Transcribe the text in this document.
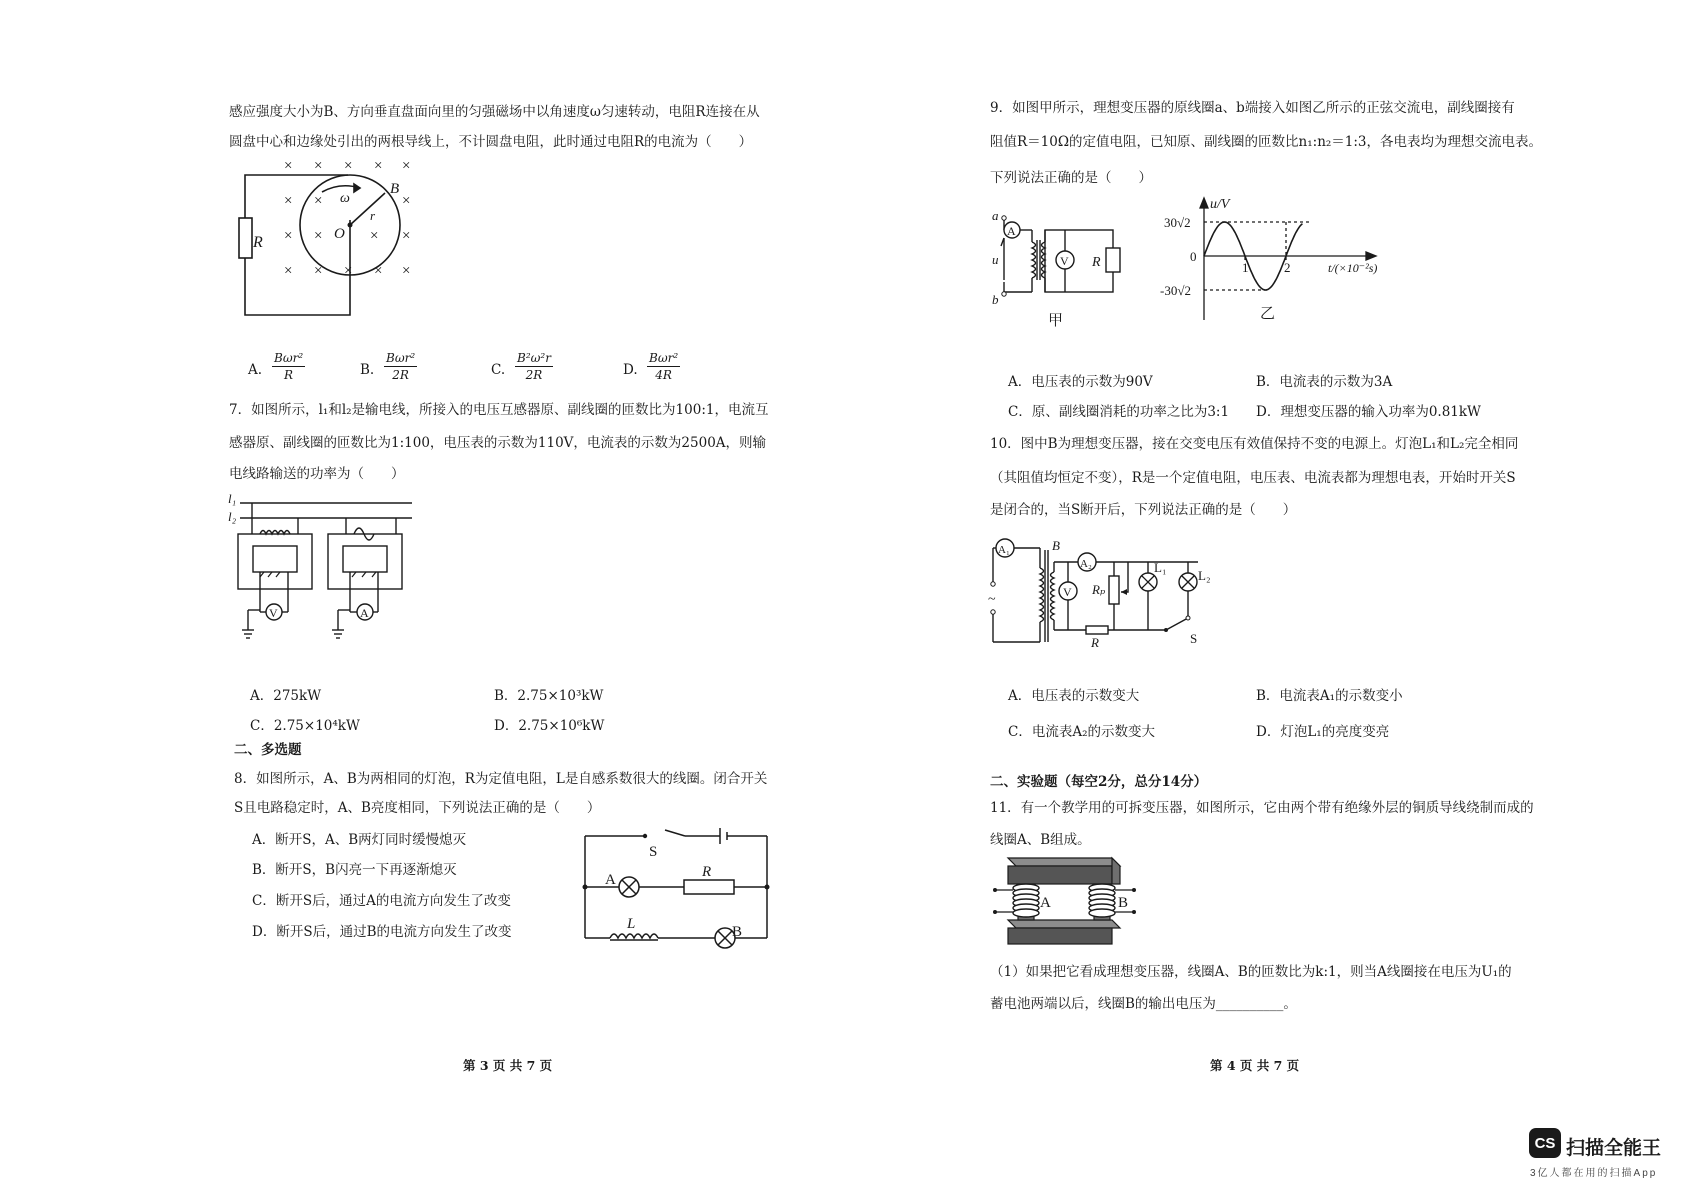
感应强度大小为B、方向垂直盘面向里的匀强磁场中以角速度ω匀速转动，电阻R连接在从
圆盘中心和边缘处引出的两根导线上，不计圆盘电阻，此时通过电阻R的电流为（　　）
R
B
ω
O
r
× × × × ×
× ×	×
× ×	× ×
× × × × ×
A.
Bωr²
R	B.
Bωr²
2R	C. $\frac{\text{B²ω²r}}{2R}$	D.
Bωr²
4R
7．如图所示，l₁和l₂是输电线，所接入的电压互感器原、副线圈的匝数比为100:1，电流互
感器原、副线圈的匝数比为1:100，电压表的示数为110V，电流表的示数为2500A，则输
电线路输送的功率为（　　）
l₁
l₂
V	A
A．275kW	B．2.75×10³kW
C．2.75×10⁴kW	D．2.75×10⁶kW
二、多选题
8．如图所示，A、B为两相同的灯泡，R为定值电阻，L是自感系数很大的线圈。闭合开关
S且电路稳定时，A、B亮度相同，下列说法正确的是（　　）
A．断开S，A、B两灯同时缓慢熄灭
B．断开S，B闪亮一下再逐渐熄灭
C．断开S后，通过A的电流方向发生了改变
D．断开S后，通过B的电流方向发生了改变
S
A	R
L	B
第 3 页 共 7 页
9．如图甲所示，理想变压器的原线圈a、b端接入如图乙所示的正弦交流电，副线圈接有
阻值R＝10Ω的定值电阻，已知原、副线圈的匝数比n₁:n₂＝1:3，各电表均为理想交流电表。
下列说法正确的是（　　）
a
b
u
A
V R
甲
u/V
30√2
0
-30√2
1	2	t/(×10⁻²s)
乙
A．电压表的示数为90V	B．电流表的示数为3A
C．原、副线圈消耗的功率之比为3:1 D．理想变压器的输入功率为0.81kW
10．图中B为理想变压器，接在交变电压有效值保持不变的电源上。灯泡L₁和L₂完全相同
（其阻值均恒定不变），R是一个定值电阻，电压表、电流表都为理想电表，开始时开关S
是闭合的，当S断开后，下列说法正确的是（　　）
A₁
A₂
V
B
Rₚ
R
L₁
L₂
S
~
A．电压表的示数变大	B．电流表A₁的示数变小
C．电流表A₂的示数变大	D．灯泡L₁的亮度变亮
二、实验题（每空2分，总分14分）
11．有一个教学用的可拆变压器，如图所示，它由两个带有绝缘外层的铜质导线绕制而成的
线圈A、B组成。
A	B
（1）如果把它看成理想变压器，线圈A、B的匝数比为k:1，则当A线圈接在电压为U₁的
蓄电池两端以后，线圈B的输出电压为__________。
第 4 页 共 7 页
CS 扫描全能王
3亿人都在用的扫描App
